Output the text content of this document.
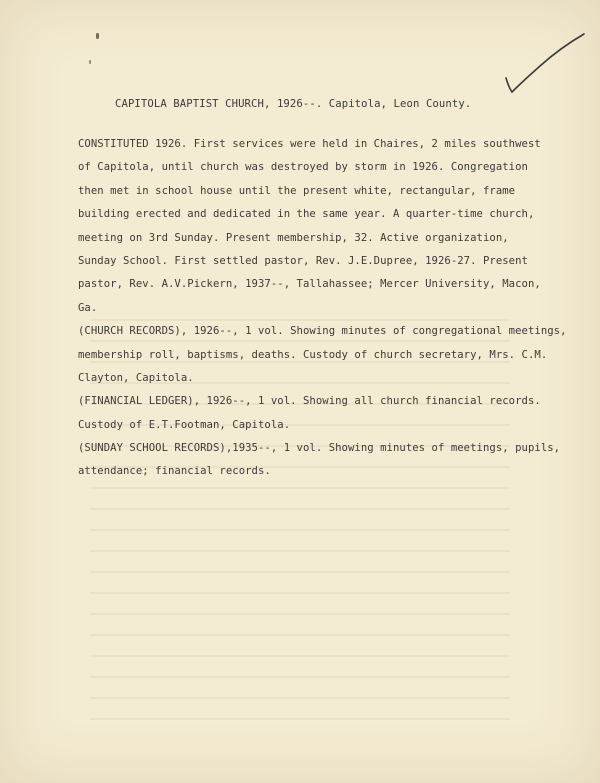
CAPITOLA BAPTIST CHURCH, 1926--. Capitola, Leon County.
CONSTITUTED 1926. First services were held in Chaires, 2 miles southwest
of Capitola, until church was destroyed by storm in 1926. Congregation
then met in school house until the present white, rectangular, frame
building erected and dedicated in the same year. A quarter-time church,
meeting on 3rd Sunday. Present membership, 32. Active organization,
Sunday School. First settled pastor, Rev. J.E.Dupree, 1926-27. Present
pastor, Rev. A.V.Pickern, 1937--, Tallahassee; Mercer University, Macon,
Ga.
(CHURCH RECORDS), 1926--, 1 vol. Showing minutes of congregational meetings,
membership roll, baptisms, deaths. Custody of church secretary, Mrs. C.M.
Clayton, Capitola.
(FINANCIAL LEDGER), 1926--, 1 vol. Showing all church financial records.
Custody of E.T.Footman, Capitola.
(SUNDAY SCHOOL RECORDS),1935--, 1 vol. Showing minutes of meetings, pupils,
attendance; financial records.
